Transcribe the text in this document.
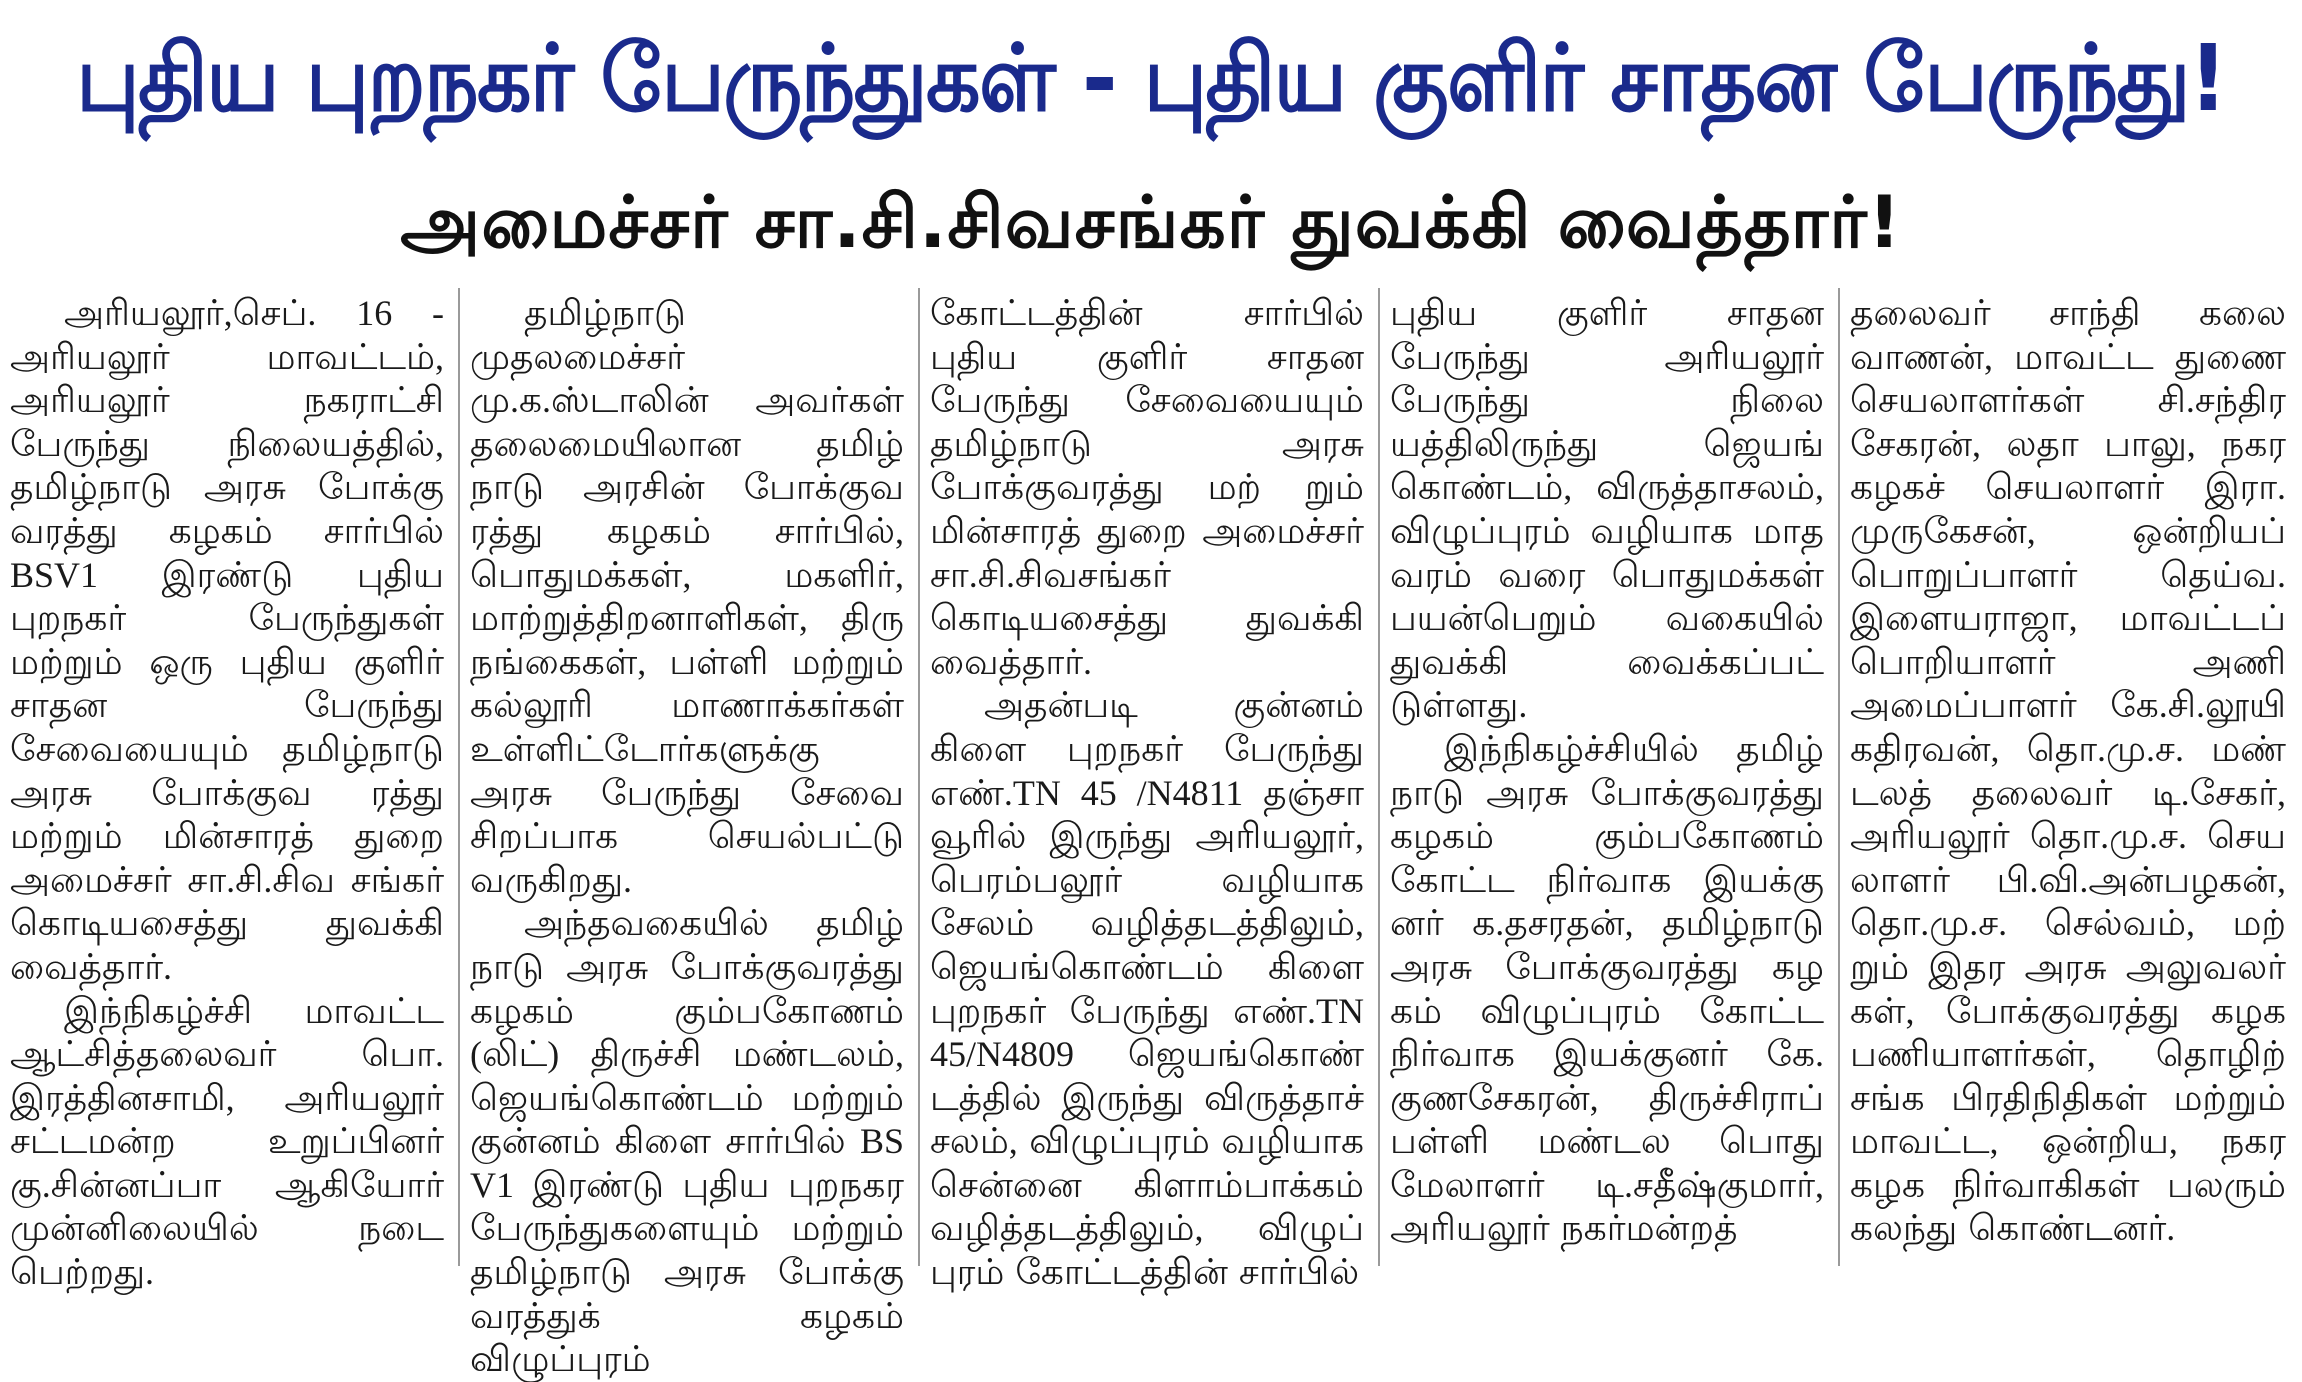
புதிய புறநகர் பேருந்துகள் - புதிய குளிர் சாதன பேருந்து!
அமைச்சர் சா.சி.சிவசங்கர் துவக்கி வைத்தார்!

அரியலூர்,செப். 16 - அரியலூர் மாவட்டம், அரியலூர் நகராட்சி பேருந்து நிலையத்தில், தமிழ்நாடு அரசு போக்கு வரத்து கழகம் சார்பில் BSV1 இரண்டு புதிய புறநகர் பேருந்துகள் மற்றும் ஒரு புதிய குளிர் சாதன பேருந்து சேவையையும் தமிழ்நாடு அரசு போக்குவ ரத்து மற்றும் மின்சாரத் துறை அமைச்சர் சா.சி.சிவ சங்கர் கொடியசைத்து துவக்கி வைத்தார்.

இந்நிகழ்ச்சி மாவட்ட ஆட்சித்தலைவர் பொ. இரத்தினசாமி, அரியலூர் சட்டமன்ற உறுப்பினர் கு.சின்னப்பா ஆகியோர் முன்னிலையில் நடை பெற்றது.

தமிழ்நாடு முதலமைச்சர் மு.க.ஸ்டாலின் அவர்கள் தலைமையிலான தமிழ் நாடு அரசின் போக்குவ ரத்து கழகம் சார்பில், பொதுமக்கள், மகளிர், மாற்றுத்திறனாளிகள், திரு நங்கைகள், பள்ளி மற்றும் கல்லூரி மாணாக்கர்கள் உள்ளிட்டோர்களுக்கு அரசு பேருந்து சேவை சிறப்பாக செயல்பட்டு வருகிறது.

அந்தவகையில் தமிழ் நாடு அரசு போக்குவரத்து கழகம் கும்பகோணம் (லிட்) திருச்சி மண்டலம், ஜெயங்கொண்டம் மற்றும் குன்னம் கிளை சார்பில் BS V1 இரண்டு புதிய புறநகர பேருந்துகளையும் மற்றும் தமிழ்நாடு அரசு போக்கு வரத்துக் கழகம் விழுப்புரம்

கோட்டத்தின் சார்பில் புதிய குளிர் சாதன பேருந்து சேவையையும் தமிழ்நாடு அரசு போக்குவரத்து மற் றும் மின்சாரத் துறை அமைச்சர் சா.சி.சிவசங்கர் கொடியசைத்து துவக்கி வைத்தார்.

அதன்படி குன்னம் கிளை புறநகர் பேருந்து எண்.TN 45 /N4811 தஞ்சா வூரில் இருந்து அரியலூர், பெரம்பலூர் வழியாக சேலம் வழித்தடத்திலும், ஜெயங்கொண்டம் கிளை புறநகர் பேருந்து எண்.TN 45/N4809 ஜெயங்கொண் டத்தில் இருந்து விருத்தாச் சலம், விழுப்புரம் வழியாக சென்னை கிளாம்பாக்கம் வழித்தடத்திலும், விழுப் புரம் கோட்டத்தின் சார்பில்

புதிய குளிர் சாதன பேருந்து அரியலூர் பேருந்து நிலை யத்திலிருந்து ஜெயங் கொண்டம், விருத்தாசலம், விழுப்புரம் வழியாக மாத வரம் வரை பொதுமக்கள் பயன்பெறும் வகையில் துவக்கி வைக்கப்பட் டுள்ளது.

இந்நிகழ்ச்சியில் தமிழ் நாடு அரசு போக்குவரத்து கழகம் கும்பகோணம் கோட்ட நிர்வாக இயக்கு னர் க.தசரதன், தமிழ்நாடு அரசு போக்குவரத்து கழ கம் விழுப்புரம் கோட்ட நிர்வாக இயக்குனர் கே. குணசேகரன், திருச்சிராப் பள்ளி மண்டல பொது மேலாளர் டி.சதீஷ்குமார், அரியலூர் நகர்மன்றத்

தலைவர் சாந்தி கலை வாணன், மாவட்ட துணை செயலாளர்கள் சி.சந்திர சேகரன், லதா பாலு, நகர கழகச் செயலாளர் இரா. முருகேசன், ஒன்றியப் பொறுப்பாளர் தெய்வ. இளையராஜா, மாவட்டப் பொறியாளர் அணி அமைப்பாளர் கே.சி.லூயி கதிரவன், தொ.மு.ச. மண் டலத் தலைவர் டி.சேகர், அரியலூர் தொ.மு.ச. செய லாளர் பி.வி.அன்பழகன், தொ.மு.ச. செல்வம், மற் றும் இதர அரசு அலுவலர் கள், போக்குவரத்து கழக பணியாளர்கள், தொழிற் சங்க பிரதிநிதிகள் மற்றும் மாவட்ட, ஒன்றிய, நகர கழக நிர்வாகிகள் பலரும் கலந்து கொண்டனர்.
